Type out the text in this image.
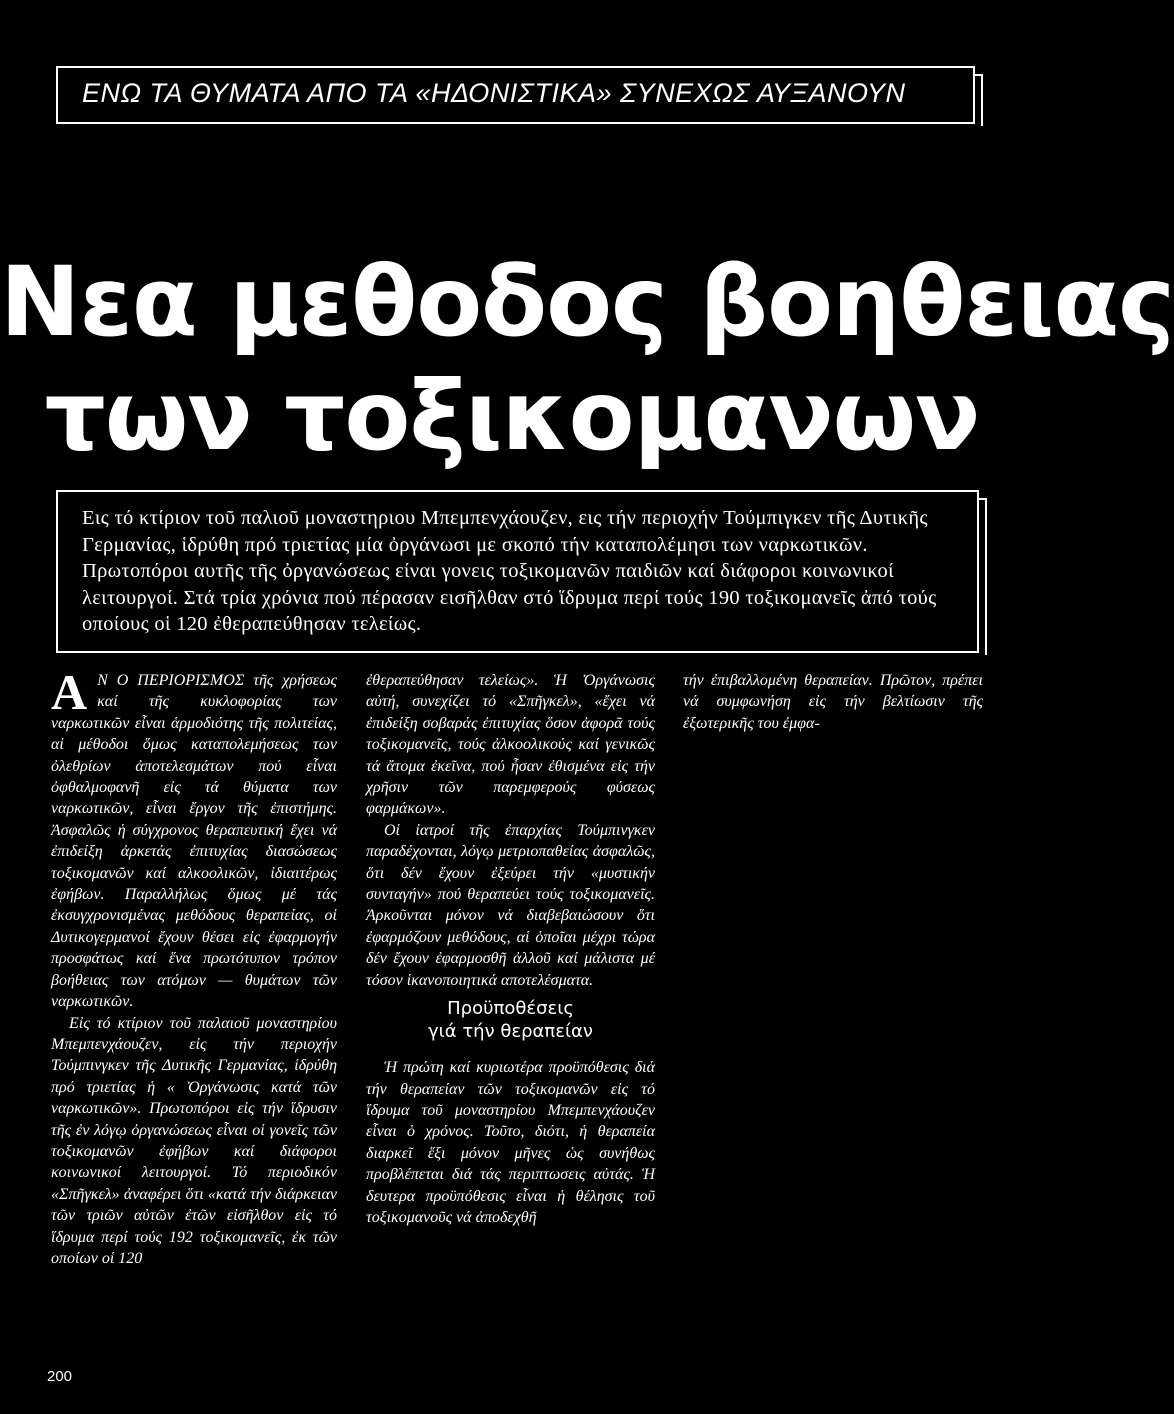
ΕΝΩ ΤΑ ΘΥΜΑΤΑ ΑΠΟ ΤΑ «ΗΔΟΝΙΣΤΙΚΑ» ΣΥΝΕΧΩΣ ΑΥΞΑΝΟΥΝ
Νεα μεθοδος βοηθειας
των τοξικομανων
Εις τό κτίριον τοῦ παλιοῦ μοναστηριου Μπεμπενχάουζεν, εις τήν περιοχήν Τούμπιγκεν τῆς Δυτικῆς Γερμανίας, ἱδρύθη πρό τριετίας μία ὀργάνωσι με σκοπό τήν καταπολέμησι των ναρκωτικῶν. Πρωτοπόροι αυτῆς τῆς ὀργανώσεως είναι γονεις τοξικομανῶν παιδιῶν καί διάφοροι κοινωνικοί λειτουργοί. Στά τρία χρόνια πού πέρασαν εισῆλθαν στό ἵδρυμα περί τούς 190 τοξικομανεῖς ἀπό τούς οποίους οἱ 120 ἐθεραπεύθησαν τελείως.
Α Ν Ο ΠΕΡΙΟΡΙΣΜΟΣ τῆς χρήσεως καί τῆς κυκλοφορίας των ναρκωτικῶν εἶναι ἁρμοδιότης τῆς πολιτείας, αἱ μέθοδοι ὅμως καταπολεμήσεως των ὀλεθρίων ἀποτελεσμάτων πού εἶναι ὀφθαλμοφανῆ εἰς τά θύματα των ναρκωτικῶν, εἶναι ἔργον τῆς ἐπιστήμης. Ἀσφαλῶς ἡ σύγχρονος θεραπευτική ἔχει νά ἐπιδείξη ἀρκετάς ἐπιτυχίας διασώσεως τοξικομανῶν καί αλκοολικῶν, ἰδιαιτέρως ἐφήβων. Παραλλήλως ὅμως μέ τάς ἐκσυγχρονισμένας μεθόδους θεραπείας, οἱ Δυτικογερμανοί ἔχουν θέσει εἰς ἐφαρμογήν προσφάτως καί ἕνα πρωτότυπον τρόπον βοήθειας των ατόμων — θυμάτων τῶν ναρκωτικῶν.

Εἰς τό κτίριον τοῦ παλαιοῦ μοναστηρίου Μπεμπενχάουζεν, εἰς τήν περιοχήν Τούμπινγκεν τῆς Δυτικῆς Γερμανίας, ἱδρύθη πρό τριετίας ἡ « Ὀργάνωσις κατά τῶν ναρκωτικῶν». Πρωτοπόροι εἰς τήν ἵδρυσιν τῆς ἐν λόγῳ ὀργανώσεως εἶναι οἱ γονεῖς τῶν τοξικομανῶν ἐφήβων καί διάφοροι κοινωνικοί λειτουργοί. Τό περιοδικόν «Σπῆγκελ» ἀναφέρει ὅτι «κατά τήν διάρκειαν τῶν τριῶν αὐτῶν ἐτῶν εἰσῆλθον εἰς τό ἵδρυμα περί τούς 192 τοξικομανεῖς, ἐκ τῶν οποίων οἱ 120

ἐθεραπεύθησαν τελείως». Ἡ Ὀργάνωσις αὐτή, συνεχίζει τό «Σπῆγκελ», «ἔχει νά ἐπιδείξη σοβαράς ἐπιτυχίας ὅσον ἀφορᾶ τούς τοξικομανεῖς, τούς ἀλκοολικούς καί γενικῶς τά ἄτομα ἐκεῖνα, πού ἦσαν ἐθισμένα εἰς τήν χρῆσιν τῶν παρεμφερούς φύσεως φαρμάκων».

Οἱ ἰατροί τῆς ἐπαρχίας Τούμπινγκεν παραδέχονται, λόγῳ μετριοπαθείας ἀσφαλῶς, ὅτι δέν ἔχουν ἐξεύρει τήν «μυστικήν συνταγήν» πού θεραπεύει τούς τοξικομανεῖς. Ἀρκοῦνται μόνον νά διαβεβαιώσουν ὅτι ἐφαρμόζουν μεθόδους, αἱ ὁποῖαι μέχρι τώρα δέν ἔχουν ἐφαρμοσθῆ ἀλλοῦ καί μάλιστα μέ τόσον ἱκανοποιητικά αποτελέσματα.

Προϋποθέσεις
γιά τήν θεραπείαν

Ἡ πρώτη καί κυριωτέρα προϋπόθεσις διά τήν θεραπείαν τῶν τοξικομανῶν εἰς τό ἵδρυμα τοῦ μοναστηρίου Μπεμπενχάουζεν εἶναι ὁ χρόνος. Τοῦτο, διότι, ἡ θεραπεία διαρκεῖ ἕξι μόνον μῆνες ὡς συνήθως προβλέπεται διά τάς περιπτωσεις αὐτάς. Ἡ δευτερα προϋπόθεσις εἶναι ἡ θέλησις τοῦ τοξικομανοῦς νά ἀποδεχθῆ

τήν ἐπιβαλλομένη θεραπείαν. Πρῶτον, πρέπει νά συμφωνήση εἰς τήν βελτίωσιν τῆς ἐξωτερικῆς του ἐμφα-

200
